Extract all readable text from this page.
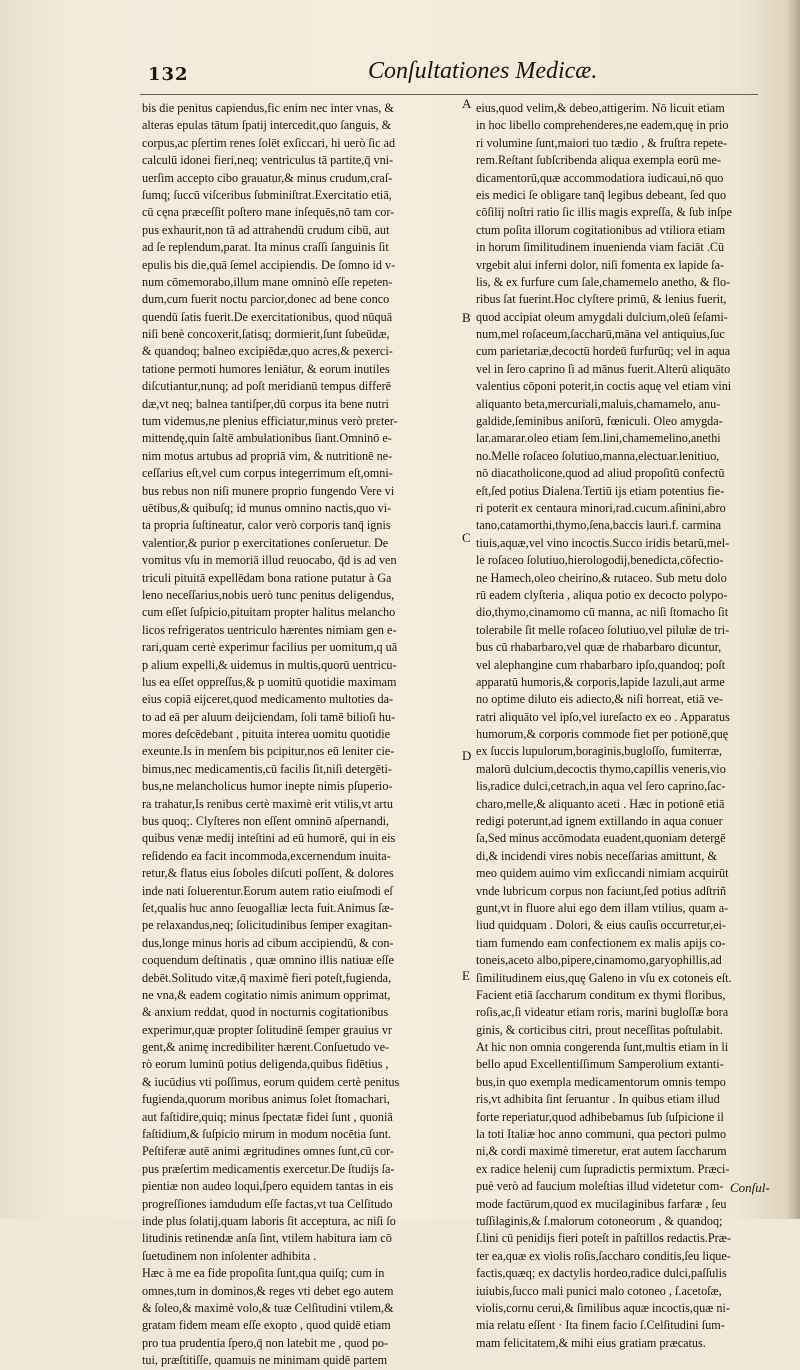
132	Conſultationes Medicæ.
bis die penitus capiendus,fic enim nec inter vnas, &
alteras epulas tātum ſpatij intercedit,quo ſanguis, &
corpus,ac pſertim renes ſolēt exſiccari, hi uerò ſic ad
calculū idonei fieri,neq; ventriculus tā partite,q̄ vni-
uerſim accepto cibo grauatur,& minus crudum,craſ-
ſumq; ſuccū viſceribus ſubminiſtrat.Exercitatio etiā,
cū cęna præceſſit poſtero mane inſequēs,nō tam cor-
pus exhaurit,non tā ad attrahendū crudum cibū, aut
ad ſe replendum,parat. Ita minus craſſi ſanguinis ſit
epulis bis die,quā ſemel accipiendis. De ſomno id v-
num cōmemorabo,illum mane omninò eſſe repeten-
dum,cum fuerit noctu parcior,donec ad bene conco
quendū ſatis fuerit.De exercitationibus, quod nūquā
niſi benè concoxerit,ſatisq; dormierit,ſunt ſubeūdæ,
& quandoq; balneo excipiēdæ,quo acres,& pexerci-
tatione permoti humores leniātur, & eorum inutiles
diſcutiantur,nunq; ad poſt meridianū tempus differē
dæ,vt neq; balnea tantiſper,dū corpus ita bene nutri
tum videmus,ne plenius efficiatur,minus verò prεter-
mittendę,quin ſaltē ambulationibus ſiant.Omninō e-
nim motus artubus ad propriā vim, & nutritionē ne-
ceſſarius eſt,vel cum corpus integerrimum eſt,omni-
bus rebus non niſi munere proprio fungendo Vere vi
uētibus,& quibuſq; id munus omnino nactis,quo vi-
ta propria ſuſtineatur, calor verò corporis tanq̄ ignis
valentior,& purior p exercitationes conſeruetur. De
vomitus vſu in memoriā illud reuocabo, q̄d is ad ven
triculi pituitā expellēdam bona ratione putatur à Ga
leno neceſſarius,nobis uerò tunc penitus deligendus,
cum eſſet ſuſpicio,pituitam propter halitus melancho
licos refrigeratos uentriculo hærentes nimiam gen e-
rari,quam certè experimur facilius per uomitum,q uā
p alium expelli,& uidemus in multis,quorū uentricu-
lus ea eſſet oppreſſus,& p uomitū quotidie maximam
eius copiā eijceret,quod medicamento multoties da-
to ad eā per aluum deijciendam, ſoli tamē bilioſi hu-
mores deſcēdebant , pituita interea uomitu quotidie
exeunte.Is in menſem bis pcipitur,nos eū leniter cie-
bimus,nec medicamentis,cū facilis ſit,niſi detergēti-
bus,ne melancholicus humor inepte nimis pſuperio-
ra trahatur,Is renibus certè maximè erit vtilis,vt artu
bus quoq;. Clyſteres non eſſent omninō aſpernandi,
quibus venæ medij inteſtini ad eū humorē, qui in eis
reſidendo ea facit incommoda,excernendum inuita-
retur,& flatus eius ſoboles diſcuti poſſent, & dolores
inde nati ſoluerentur.Eorum autem ratio eiuſmodi eſ
ſet,qualis huc anno ſeuogalliæ lecta fuit.Animus ſæ-
pe relaxandus,neq; ſolicitudinibus ſemper exagitan-
dus,longe minus horis ad cibum accipiendū, & con-
coquendum deſtinatis , quæ omnino illis natiuæ eſſe
debēt.Solitudo vitæ,q̄ maximè fieri poteſt,fugienda,
ne vna,& eadem cogitatio nimis animum opprimat,
& anxium reddat, quod in nocturnis cogitationibus
experimur,quæ propter ſolitudinē ſemper grauius vr
gent,& animę incredibiliter hærent.Conſuetudo ve-
rò eorum luminū potius deligenda,quibus fidētius ,
& iucūdius vti poſſimus, eorum quidem certè penitus
fugienda,quorum moribus animus ſolet ſtomachari,
aut faſtidire,quiq; minus ſpectatæ fidei ſunt , quoniā
faſtidium,& ſuſpicio mirum in modum nocētia ſunt.
Peſtiferæ autē animi ægritudines omnes ſunt,cū cor-
pus præſertim medicamentis exercetur.De ſtudijs ſa-
pientiæ non audeo loqui,ſpero equidem tantas in eis
progreſſiones iamdudum eſſe factas,vt tua Celſitudo
inde plus ſolatij,quam laboris ſit acceptura, ac niſi ſo
litudinis retinendæ anſa ſint, vtilem habitura iam cō
ſuetudinem non inſolenter adhibita .
Hæc à me ea fide propoſita ſunt,qua quiſq; cum in
omnes,tum in dominos,& reges vti debet ego autem
& ſoleo,& maximè volo,& tuæ Celſitudini vtilem,&
gratam fidem meam eſſe exopto , quod quidē etiam
pro tua prudentia ſpero,q̄ non latebit me , quod po-
tui, præſtitiſſe, quamuis ne minimam quidē partem
eius,quod velim,& debeo,attigerim. Nō licuit etiam
in hoc libello comprehenderes,ne eadem,quę in prio
ri volumine ſunt,maiori tuo tædio , & fruſtra repete-
rem.Reſtant ſubſcribenda aliqua exempla eorū me-
dicamentorū,quæ accommodatiora iudicaui,nō quo
eis medici ſe obligare tanq̄ legibus debeant, ſed quo
cōſilij noſtri ratio ſic illis magis expreſſa, & ſub inſpe
ctum poſita illorum cogitationibus ad vtiliora etiam
in horum ſimilitudinem inuenienda viam faciāt .Cū
vrgebit alui inferni dolor, niſi fomenta ex lapide ſa-
lis, & ex furfure cum ſale,chamemelo anetho, & flo-
ribus ſat fuerint.Hoc clyſtere primū, & lenius fuerit,
quod accipiat oleum amygdali dulcium,oleū ſeſami-
num,mel roſaceum,ſaccharū,māna vel antiquius,ſuc
cum parietariæ,decoctū hordeū furfurūq; vel in aqua
vel in ſero caprino ſi ad mānus fuerit.Alterū aliquāto
valentius cōponi poterit,in coctis aquę vel etiam vini
aliquanto beta,mercuriali,maluis,chamamelo, anu-
galdide,ſeminibus aniſorū, fœniculi. Oleo amygda-
lar.amarar.oleo etiam ſem.lini,chamemelino,anethi
no.Melle roſaceo ſolutiuo,manna,electuar.lenitiuo,
nō diacatholicone,quod ad aliud propoſitū confectū
eſt,ſed potius Dialena.Tertiū ijs etiam potentius fie-
ri poterit ex centaura minori,rad.cucum.aſinini,abro
tano,catamorthi,thymo,ſena,baccis lauri.f. carmina
tiuis,aquæ,vel vino incoctis.Succo iridis betarū,mel-
le roſaceo ſolutiuo,hierologodij,benedicta,cōfectio-
ne Hamech,oleo cheirino,& rutaceo. Sub metu dolo
rū eadem clyſteria , aliqua potio ex decocto polypo-
dio,thymo,cinamomo cū manna, ac niſi ſtomacho ſit
tolerabile ſit melle roſaceo ſolutiuo,vel pilulæ de tri-
bus cū rhabarbaro,vel quæ de rhabarbaro dicuntur,
vel alephangine cum rhabarbaro ipſo,quandoq; poſt
apparatū humoris,& corporis,lapide lazuli,aut arme
no optime diluto eis adiecto,& niſi horreat, etiā ve-
ratri aliquāto vel ipſo,vel iureſacto ex eo . Apparatus
humorum,& corporis commode fiet per potionē,quę
ex ſuccis lupulorum,boraginis,bugloſſo, fumiterræ,
malorū dulcium,decoctis thymo,capillis veneris,vio
lis,radice dulci,cetrach,in aqua vel ſero caprino,ſac-
charo,melle,& aliquanto aceti . Hæc in potionē etiā
redigi poterunt,ad ignem extillando in aqua conuer
ſa,Sed minus accōmodata euadent,quoniam detergē
di,& incidendi vires nobis neceſſarias amittunt, &
meo quidem auimo vim exſiccandi nimiam acquirūt
vnde lubricum corpus non faciunt,ſed potius adſtriñ
gunt,vt in fluore alui ego dem illam vtilius, quam a-
liud quidquam . Dolori, & eius cauſis occurretur,ei-
tiam fumendo eam confectionem ex malis apijs co-
toneis,aceto albo,pipere,cinamomo,garyophillis,ad
ſimilitudinem eius,quę Galeno in vſu ex cotoneis eſt.
Facient etiā ſaccharum conditum ex thymi floribus,
roſis,ac,ſi videatur etiam roris, marini bugloſſæ bora
ginis, & corticibus citri, prout neceſſitas poſtulabit.
At hic non omnia congerenda ſunt,multis etiam in li
bello apud Excellentiſſimum Samperolium extanti-
bus,in quo exempla medicamentorum omnis tempo
ris,vt adhibita ſint ſeruantur . In quibus etiam illud
forte reperiatur,quod adhibebamus ſub ſuſpicione il
la toti Italiæ hoc anno communi, qua pectori pulmo
ni,& cordi maximè timeretur, erat autem ſaccharum
ex radice helenij cum ſupradictis permixtum. Præci-
puè verò ad faucium moleſtias illud videtetur com-
mode factūrum,quod ex mucilaginibus farfaræ , ſeu
tuſſilaginis,& ſ.malorum cotoneorum , & quandoq;
ſ.lini cū penidijs fieri poteſt in paſtillos redactis.Præ-
ter ea,quæ ex violis roſis,ſaccharo conditis,ſeu lique-
factis,quæq; ex dactylis hordeo,radice dulci,paſſulis
iuiubis,ſucco mali punici malo cotoneo , ſ.acetoſæ,
violis,cornu cerui,& ſimilibus aquæ incoctis,quæ ni-
mia relatu eſſent · Ita finem facio ſ.Celſitudini ſum-
mam felicitatem,& mihi eius gratiam præcatus.
A
B
C
D
E
Conſul-
